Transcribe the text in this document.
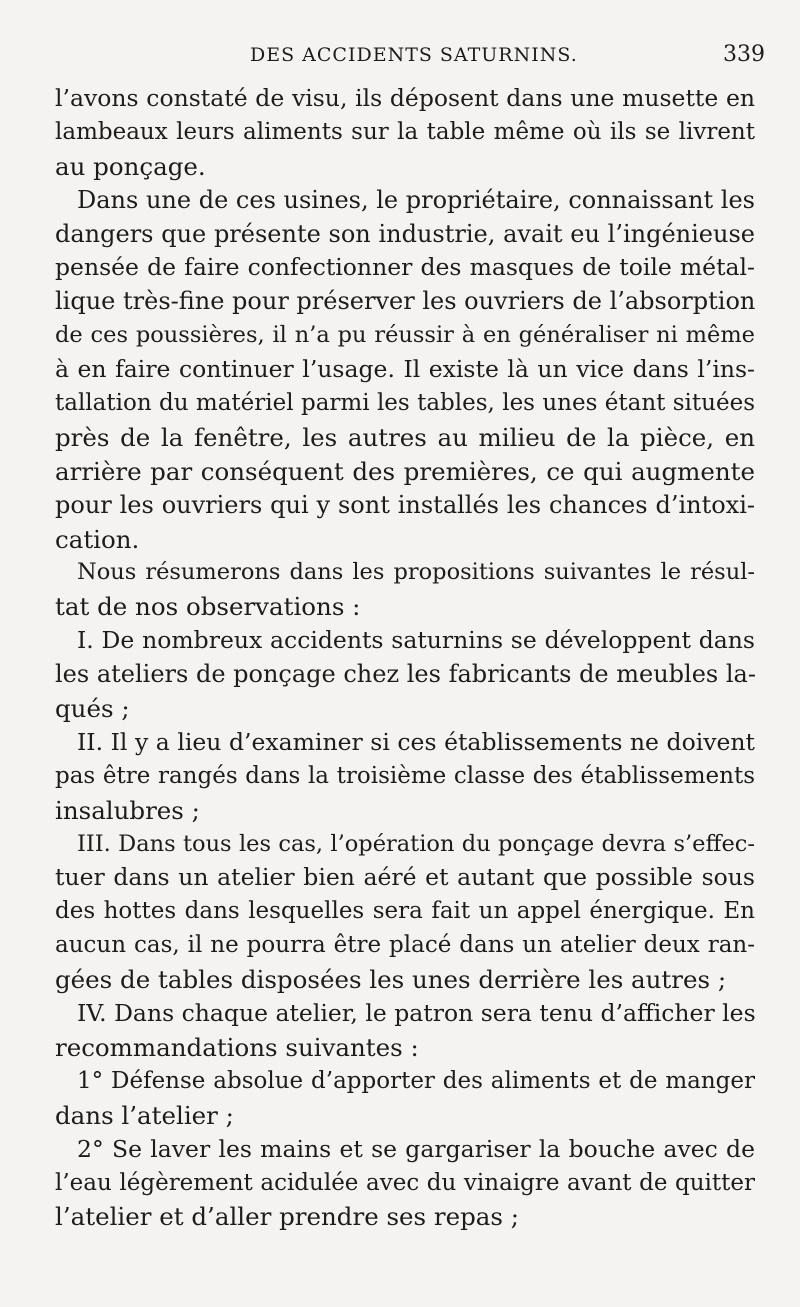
DES ACCIDENTS SATURNINS.	339
l’avons constaté de visu, ils déposent dans une musette en
lambeaux leurs aliments sur la table même où ils se livrent
au ponçage.
Dans une de ces usines, le propriétaire, connaissant les
dangers que présente son industrie, avait eu l’ingénieuse
pensée de faire confectionner des masques de toile métal-
lique très-fine pour préserver les ouvriers de l’absorption
de ces poussières, il n’a pu réussir à en généraliser ni même
à en faire continuer l’usage. Il existe là un vice dans l’ins-
tallation du matériel parmi les tables, les unes étant situées
près de la fenêtre, les autres au milieu de la pièce, en
arrière par conséquent des premières, ce qui augmente
pour les ouvriers qui y sont installés les chances d’intoxi-
cation.
Nous résumerons dans les propositions suivantes le résul-
tat de nos observations :
I. De nombreux accidents saturnins se développent dans
les ateliers de ponçage chez les fabricants de meubles la-
qués ;
II. Il y a lieu d’examiner si ces établissements ne doivent
pas être rangés dans la troisième classe des établissements
insalubres ;
III. Dans tous les cas, l’opération du ponçage devra s’effec-
tuer dans un atelier bien aéré et autant que possible sous
des hottes dans lesquelles sera fait un appel énergique. En
aucun cas, il ne pourra être placé dans un atelier deux ran-
gées de tables disposées les unes derrière les autres ;
IV. Dans chaque atelier, le patron sera tenu d’afficher les
recommandations suivantes :
1° Défense absolue d’apporter des aliments et de manger
dans l’atelier ;
2° Se laver les mains et se gargariser la bouche avec de
l’eau légèrement acidulée avec du vinaigre avant de quitter
l’atelier et d’aller prendre ses repas ;
